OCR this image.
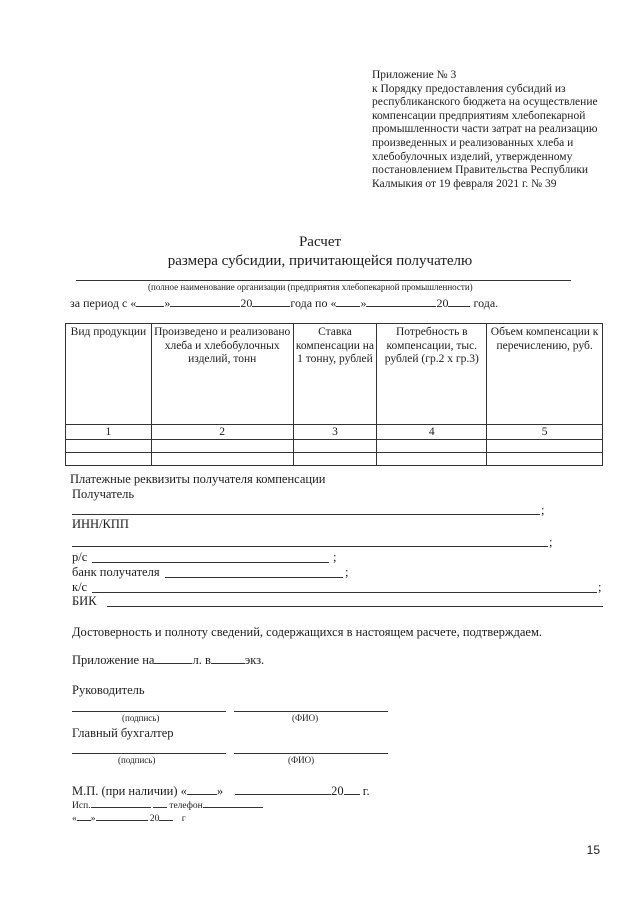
Приложение № 3
к Порядку предоставления субсидий из республиканского бюджета на осуществление компенсации предприятиям хлебопекарной промышленности части затрат на реализацию произведенных и реализованных хлеба и хлебобулочных изделий, утвержденному постановлением Правительства Республики Калмыкия от 19 февраля 2021 г. № 39
Расчет
размера субсидии, причитающейся получателю
(полное наименование организации (предприятия хлебопекарной промышленности)
за период с « »	20	года по « »	20 года.
Вид продукции	Произведено и реализовано хлеба и хлебобулочных изделий, тонн	Ставка компенсации на 1 тонну, рублей	Потребность в компенсации, тыс. рублей (гр.2 х гр.3)	Объем компенсации к перечислению, руб.
1	2	3	4	5

Платежные реквизиты получателя компенсации
Получатель
;
ИНН/КПП
;
р/с	;
банк получателя	;
к/с	;
БИК
Достоверность и полноту сведений, содержащихся в настоящем расчете, подтверждаем.
Приложение на	л. в	экз.
Руководитель
(подпись)	(ФИО)
Главный бухгалтер
(подпись)	(ФИО)
М.П. (при наличии) « »	20 г.
Исп.	телефон
« »	20 г
15
